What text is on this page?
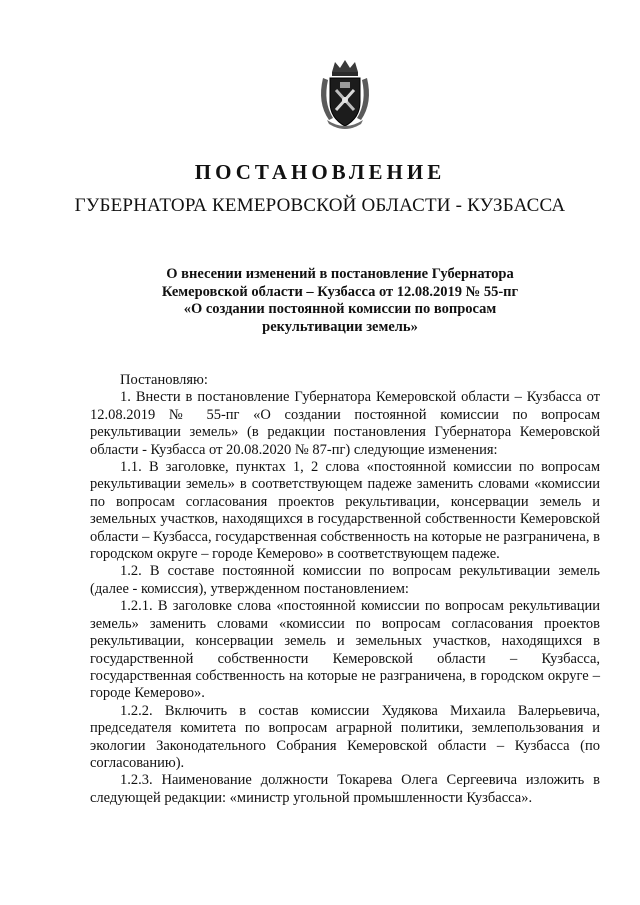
ПОСТАНОВЛЕНИЕ
ГУБЕРНАТОРА КЕМЕРОВСКОЙ ОБЛАСТИ - КУЗБАССА
О внесении изменений в постановление Губернатора
Кемеровской области – Кузбасса от 12.08.2019 № 55-пг
«О создании постоянной комиссии по вопросам
рекультивации земель»

Постановляю:

1. Внести в постановление Губернатора Кемеровской области – Кузбасса от 12.08.2019 № 55-пг «О создании постоянной комиссии по вопросам рекультивации земель» (в редакции постановления Губернатора Кемеровской области - Кузбасса от 20.08.2020 № 87-пг) следующие изменения:

1.1. В заголовке, пунктах 1, 2 слова «постоянной комиссии по вопросам рекультивации земель» в соответствующем падеже заменить словами «комиссии по вопросам согласования проектов рекультивации, консервации земель и земельных участков, находящихся в государственной собственности Кемеровской области – Кузбасса, государственная собственность на которые не разграничена, в городском округе – городе Кемерово» в соответствующем падеже.

1.2. В составе постоянной комиссии по вопросам рекультивации земель (далее - комиссия), утвержденном постановлением:

1.2.1. В заголовке слова «постоянной комиссии по вопросам рекультивации земель» заменить словами «комиссии по вопросам согласования проектов рекультивации, консервации земель и земельных участков, находящихся в государственной собственности Кемеровской области – Кузбасса, государственная собственность на которые не разграничена, в городском округе – городе Кемерово».

1.2.2. Включить в состав комиссии Худякова Михаила Валерьевича, председателя комитета по вопросам аграрной политики, землепользования и экологии Законодательного Собрания Кемеровской области – Кузбасса (по согласованию).

1.2.3. Наименование должности Токарева Олега Сергеевича изложить в следующей редакции: «министр угольной промышленности Кузбасса».
